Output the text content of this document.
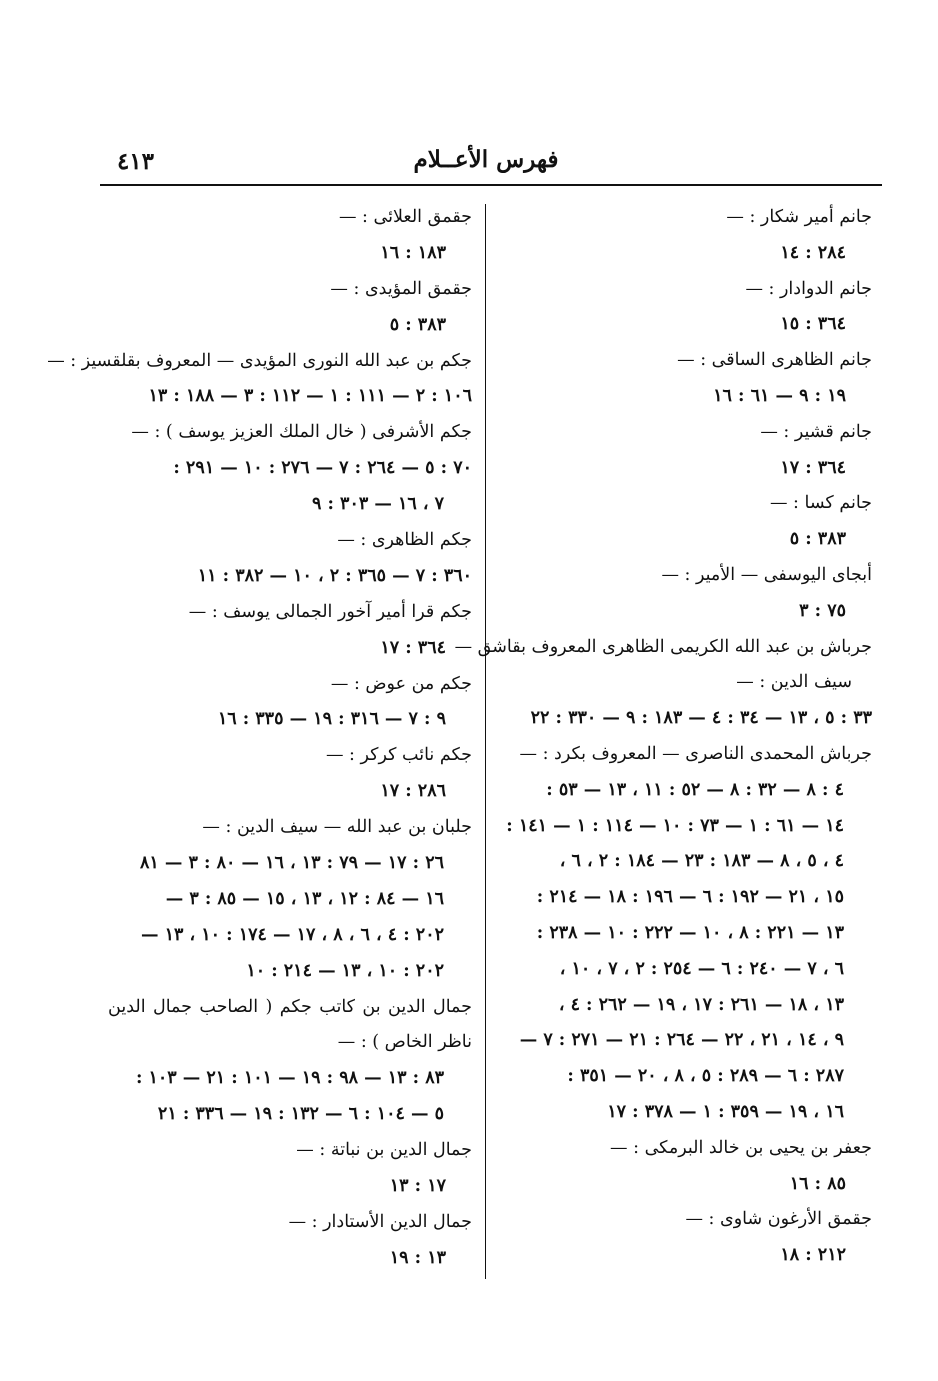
فهرس الأعــلام
٤١٣
جانم أمير شكار : —
٢٨٤ : ١٤
جانم الدوادار : —
٣٦٤ : ١٥
جانم الظاهرى الساقى : —
١٩ : ٩ — ٦١ : ١٦
جانم قشير : —
٣٦٤ : ١٧
جانم كسا : —
٣٨٣ : ٥
أبجاى اليوسفى — الأمير : —
٧٥ : ٣
جرباش بن عبد الله الكريمى الظاهرى المعروف بقاشق —
سيف الدين : —
٣٣ : ٥ ، ١٣ — ٣٤ : ٤ — ١٨٣ : ٩ — ٣٣٠ : ٢٢
جرباش المحمدى الناصرى — المعروف بكرد : —
٤ : ٨ — ٣٢ : ٨ — ٥٢ : ١١ ، ١٣ — ٥٣ :
١٤ — ٦١ : ١ — ٧٣ : ١٠ — ١١٤ : ١ — ١٤١ :
٤ ، ٥ ، ٨ — ١٨٣ : ٢٣ — ١٨٤ : ٢ ، ٦ ،
١٥ ، ٢١ — ١٩٢ : ٦ — ١٩٦ : ١٨ — ٢١٤ :
١٣ — ٢٢١ : ٨ ، ١٠ — ٢٢٢ : ١٠ — ٢٣٨ :
٦ ، ٧ — ٢٤٠ : ٦ — ٢٥٤ : ٢ ، ٧ ، ١٠ ،
١٣ ، ١٨ — ٢٦١ : ١٧ ، ١٩ — ٢٦٢ : ٤ ،
٩ ، ١٤ ، ٢١ ، ٢٢ — ٢٦٤ : ٢١ — ٢٧١ : ٧ —
٢٨٧ : ٦ — ٢٨٩ : ٥ ، ٨ ، ٢٠ — ٣٥١ :
١٦ ، ١٩ — ٣٥٩ : ١ — ٣٧٨ : ١٧
جعفر بن يحيى بن خالد البرمكى : —
٨٥ : ١٦
جقمق الأرغون شاوى : —
٢١٢ : ١٨
جقمق العلائى : —
١٨٣ : ١٦
جقمق المؤيدى : —
٣٨٣ : ٥
جكم بن عبد الله النورى المؤيدى — المعروف بقلقسيز : —
١٠٦ : ٢ — ١١١ : ١ — ١١٢ : ٣ — ١٨٨ : ١٣
جكم الأشرفى ( خال الملك العزيز يوسف ) : —
٧٠ : ٥ — ٢٦٤ : ٧ — ٢٧٦ : ١٠ — ٢٩١ :
٧ ، ١٦ — ٣٠٣ : ٩
جكم الظاهرى : —
٣٦٠ : ٧ — ٣٦٥ : ٢ ، ١٠ — ٣٨٢ : ١١
جكم قرا أمير آخور الجمالى يوسف : —
٣٦٤ : ١٧
جكم من عوض : —
٩ : ٧ — ٣١٦ : ١٩ — ٣٣٥ : ١٦
جكم نائب كركر : —
٢٨٦ : ١٧
جلبان بن عبد الله — سيف الدين : —
٢٦ : ١٧ — ٧٩ : ١٣ ، ١٦ — ٨٠ : ٣ — ٨١
١٦ — ٨٤ : ١٢ ، ١٣ ، ١٥ — ٨٥ : ٣ —
٢٠٢ : ٤ ، ٦ ، ٨ ، ١٧ — ١٧٤ : ١٠ ، ١٣ —
٢٠٢ : ١٠ ، ١٣ — ٢١٤ : ١٠
جمال الدين بن كاتب جكم ( الصاحب جمال الدين
ناظر الخاص ) : —
٨٣ : ١٣ — ٩٨ : ١٩ — ١٠١ : ٢١ — ١٠٣ :
٥ — ١٠٤ : ٦ — ١٣٢ : ١٩ — ٣٣٦ : ٢١
جمال الدين بن نباتة : —
١٧ : ١٣
جمال الدين الأستادار : —
١٣ : ١٩
